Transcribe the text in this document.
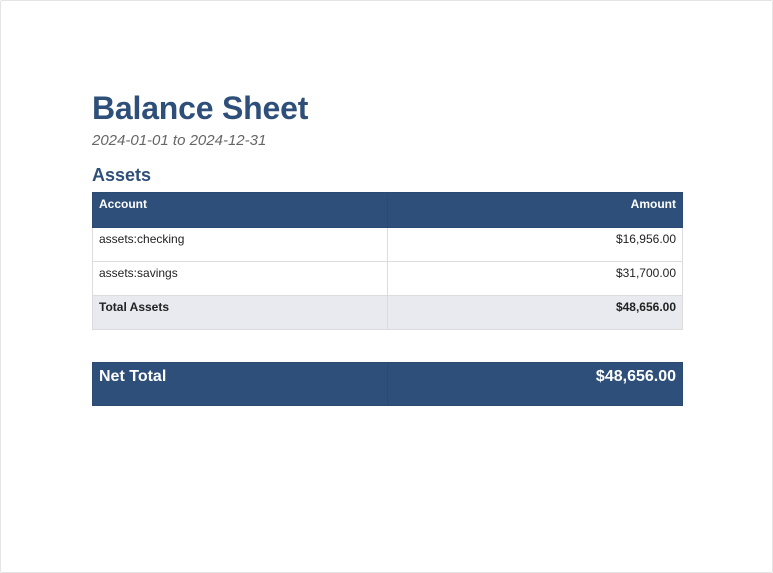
Balance Sheet
2024-01-01 to 2024-12-31
Assets
Account	Amount
assets:checking	$16,956.00
assets:savings	$31,700.00
Total Assets	$48,656.00
Net Total	$48,656.00
